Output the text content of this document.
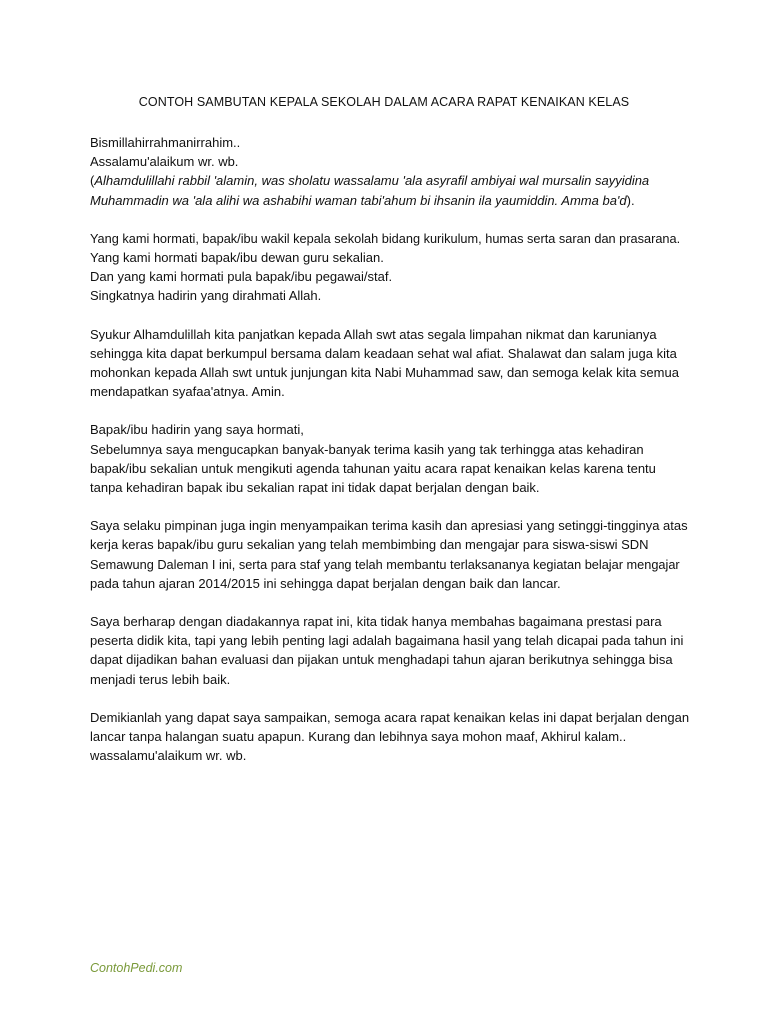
CONTOH SAMBUTAN KEPALA SEKOLAH DALAM ACARA RAPAT KENAIKAN KELAS

Bismillahirrahmanirrahim..

Assalamu'alaikum wr. wb.

(Alhamdulillahi rabbil 'alamin, was sholatu wassalamu 'ala asyrafil ambiyai wal mursalin sayyidina

Muhammadin wa 'ala alihi wa ashabihi waman tabi'ahum bi ihsanin ila yaumiddin. Amma ba'd).

Yang kami hormati, bapak/ibu wakil kepala sekolah bidang kurikulum, humas serta saran dan prasarana.

Yang kami hormati bapak/ibu dewan guru sekalian.

Dan yang kami hormati pula bapak/ibu pegawai/staf.

Singkatnya hadirin yang dirahmati Allah.

Syukur Alhamdulillah kita panjatkan kepada Allah swt atas segala limpahan nikmat dan karunianya

sehingga kita dapat berkumpul bersama dalam keadaan sehat wal afiat. Shalawat dan salam juga kita

mohonkan kepada Allah swt untuk junjungan kita Nabi Muhammad saw, dan semoga kelak kita semua

mendapatkan syafaa'atnya. Amin.

Bapak/ibu hadirin yang saya hormati,

Sebelumnya saya mengucapkan banyak-banyak terima kasih yang tak terhingga atas kehadiran

bapak/ibu sekalian untuk mengikuti agenda tahunan yaitu acara rapat kenaikan kelas karena tentu

tanpa kehadiran bapak ibu sekalian rapat ini tidak dapat berjalan dengan baik.

Saya selaku pimpinan juga ingin menyampaikan terima kasih dan apresiasi yang setinggi-tingginya atas

kerja keras bapak/ibu guru sekalian yang telah membimbing dan mengajar para siswa-siswi SDN

Semawung Daleman I ini, serta para staf yang telah membantu terlaksananya kegiatan belajar mengajar

pada tahun ajaran 2014/2015 ini sehingga dapat berjalan dengan baik dan lancar.

Saya berharap dengan diadakannya rapat ini, kita tidak hanya membahas bagaimana prestasi para

peserta didik kita, tapi yang lebih penting lagi adalah bagaimana hasil yang telah dicapai pada tahun ini

dapat dijadikan bahan evaluasi dan pijakan untuk menghadapi tahun ajaran berikutnya sehingga bisa

menjadi terus lebih baik.

Demikianlah yang dapat saya sampaikan, semoga acara rapat kenaikan kelas ini dapat berjalan dengan

lancar tanpa halangan suatu apapun. Kurang dan lebihnya saya mohon maaf, Akhirul kalam..

wassalamu'alaikum wr. wb.

ContohPedi.com
